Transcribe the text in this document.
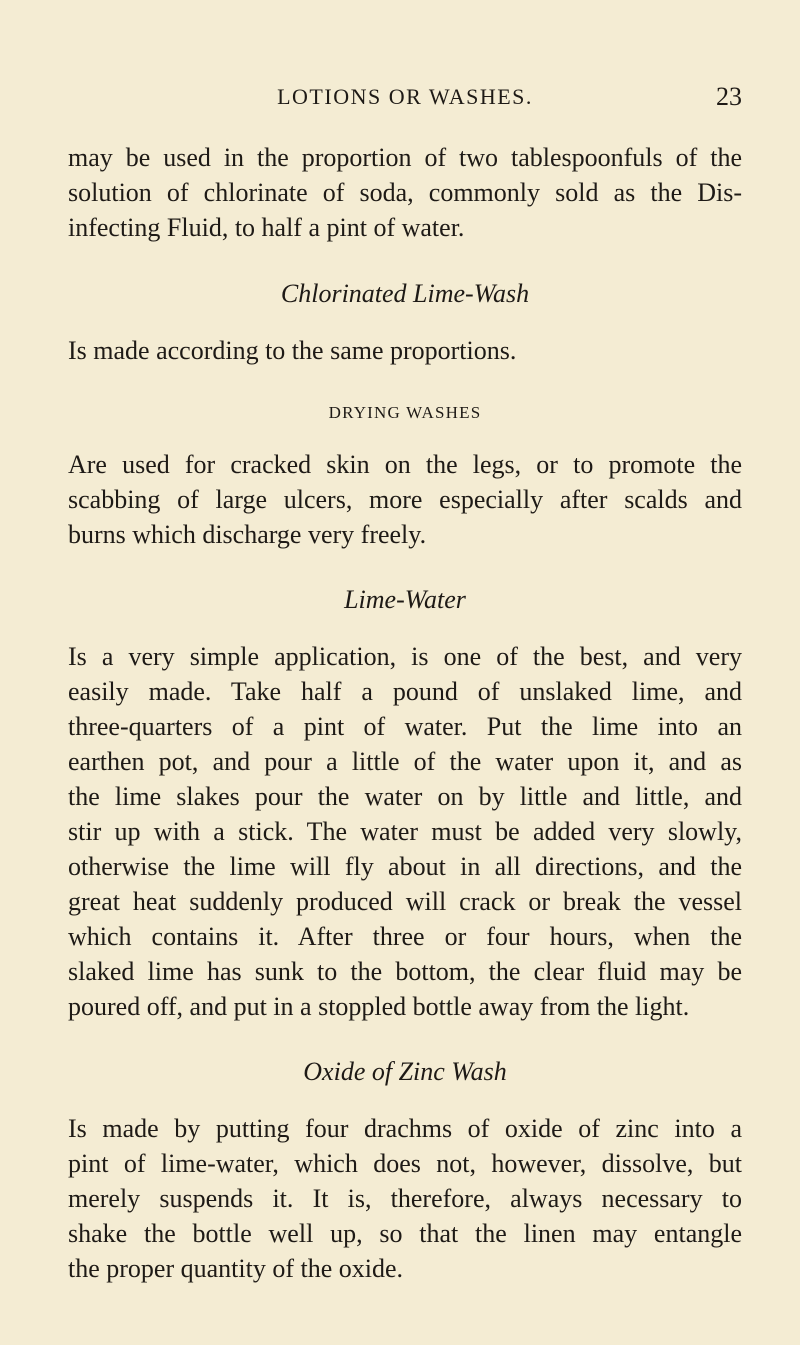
LOTIONS OR WASHES.	23
may be used in the proportion of two tablespoonfuls of the
solution of chlorinate of soda, commonly sold as the Dis-
infecting Fluid, to half a pint of water.
Chlorinated Lime-Wash
Is made according to the same proportions.
DRYING WASHES
Are used for cracked skin on the legs, or to promote the
scabbing of large ulcers, more especially after scalds and
burns which discharge very freely.
Lime-Water
Is a very simple application, is one of the best, and very
easily made. Take half a pound of unslaked lime, and
three-quarters of a pint of water. Put the lime into an
earthen pot, and pour a little of the water upon it, and as
the lime slakes pour the water on by little and little, and
stir up with a stick. The water must be added very slowly,
otherwise the lime will fly about in all directions, and the
great heat suddenly produced will crack or break the vessel
which contains it. After three or four hours, when the
slaked lime has sunk to the bottom, the clear fluid may be
poured off, and put in a stoppled bottle away from the light.
Oxide of Zinc Wash
Is made by putting four drachms of oxide of zinc into a
pint of lime-water, which does not, however, dissolve, but
merely suspends it. It is, therefore, always necessary to
shake the bottle well up, so that the linen may entangle
the proper quantity of the oxide.
